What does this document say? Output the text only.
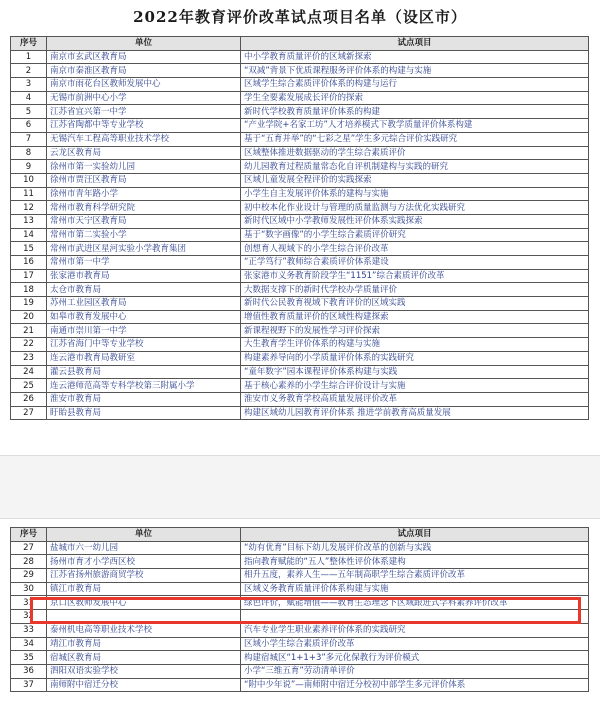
2022年教育评价改革试点项目名单（设区市）
序号	单位	试点项目
1	南京市玄武区教育局	中小学教育质量评价的区域新探索
2	南京市秦淮区教育局	“双减”背景下优质课程服务评价体系的构建与实施
3	南京市雨花台区教师发展中心	区域学生综合素质评价体系的构建与运行
4	无锡市前洲中心小学	学生全要素发展成长评价的探索
5	江苏省宜兴第一中学	新时代学校教育质量评价体系的构建
6	江苏省陶都中等专业学校	“产业学院+名家工坊”人才培养模式下教学质量评价体系构建
7	无锡汽车工程高等职业技术学校	基于“五育并举”的“七彩之星”学生多元综合评价实践研究
8	云龙区教育局	区域整体推进数据驱动的学生综合素质评价
9	徐州市第一实验幼儿园	幼儿园教育过程质量常态化自评机制建构与实践的研究
10	徐州市贾汪区教育局	区域儿童发展全程评价的实践探索
11	徐州市青年路小学	小学生自主发展评价体系的建构与实施
12	常州市教育科学研究院	初中校本化作业设计与管理的质量监测与方法优化实践研究
13	常州市天宁区教育局	新时代区域中小学教师发展性评价体系实践探索
14	常州市第二实验小学	基于“数字画像”的小学生综合素质评价研究
15	常州市武进区星河实验小学教育集团	创想育人视域下的小学生综合评价改革
16	常州市第一中学	“正学笃行”教师综合素质评价体系建设
17	张家港市教育局	张家港市义务教育阶段学生“1151”综合素质评价改革
18	太仓市教育局	大数据支撑下的新时代学校办学质量评价
19	苏州工业园区教育局	新时代公民教育视域下教育评价的区域实践
20	如皋市教育发展中心	增值性教育质量评价的区域性构建探索
21	南通市崇川第一中学	新课程视野下的发展性学习评价探索
22	江苏省海门中等专业学校	大生教育学生评价体系的构建与实施
23	连云港市教育局教研室	构建素养导向的小学质量评价体系的实践研究
24	灌云县教育局	“童年数字”园本课程评价体系构建与实践
25	连云港师范高等专科学校第三附属小学	基于核心素养的小学生综合评价设计与实施
26	淮安市教育局	淮安市义务教育学校高质量发展评价改革
27	盱眙县教育局	构建区域幼儿园教育评价体系 推进学前教育高质量发展
序号	单位	试点项目
27	盐城市六一幼儿园	“幼有优育”目标下幼儿发展评价改革的创新与实践
28	扬州市育才小学西区校	指向教育赋能的“五人”整体性评价体系建构
29	江苏省扬州旅游商贸学校	相升五度，素养人生——五年制高职学生综合素质评价改革
30	镇江市教育局	区域义务教育质量评价体系构建与实施
31	京口区教师发展中心	绿色评价，赋能增值——教育生态理念下区域跟进式学科素养评价改革
32		
33	泰州机电高等职业技术学校	汽车专业学生职业素养评价体系的实践研究
34	靖江市教育局	区域小学生综合素质评价改革
35	宿城区教育局	构建宿城区“1+1+3”多元化保教行为评价模式
36	泗阳双语实验学校	小学“三维五育”劳动清单评价
37	南师附中宿迁分校	“附中少年说”—南师附中宿迁分校初中部学生多元评价体系
